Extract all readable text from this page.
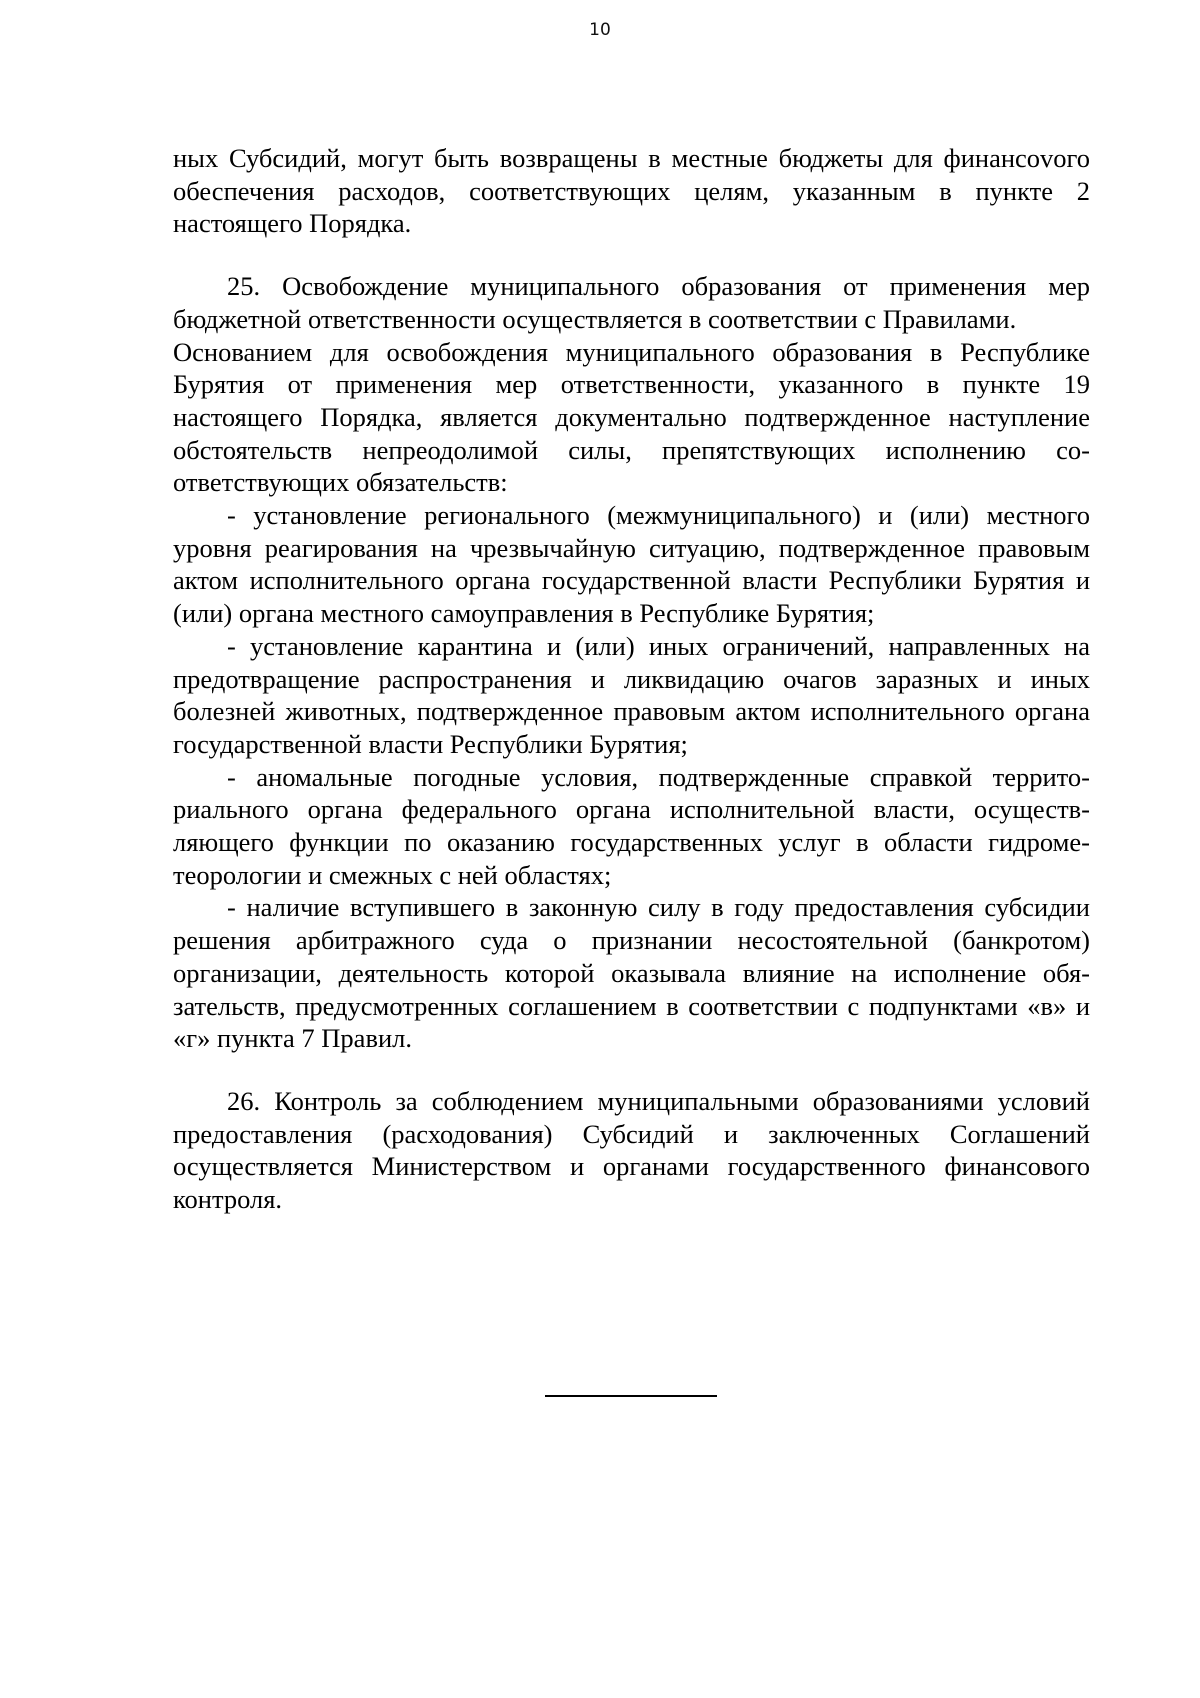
10

ных Субсидий, могут быть возвращены в местные бюджеты для финансоvого обеспечения расходов, соответствующих целям, указанным в пункте 2 настоящего Порядка.

25. Освобождение муниципального образования от применения мер бюджетной ответственности осуществляется в соответствии с Правилами.

Основанием для освобождения муниципального образования в Республике Бурятия от применения мер ответственности, указанного в пункте 19 настоящего Порядка, является документально подтвержденное наступление обстоятельств непреодолимой силы, препятствующих исполнению соответствующих обязательств:

- установление регионального (межмуниципального) и (или) местного уровня реагирования на чрезвычайную ситуацию, подтвержденное правовым актом исполнительного органа государственной власти Республики Бурятия и (или) органа местного самоуправления в Республике Бурятия;

- установление карантина и (или) иных ограничений, направленных на предотвращение распространения и ликвидацию очагов заразных и иных болезней животных, подтвержденное правовым актом исполнительного органа государственной власти Республики Бурятия;

- аномальные погодные условия, подтвержденные справкой территориального органа федерального органа исполнительной власти, осуществляющего функции по оказанию государственных услуг в области гидрометеорологии и смежных с ней областях;

- наличие вступившего в законную силу в году предоставления субсидии решения арбитражного суда о признании несостоятельной (банкротом) организации, деятельность которой оказывала влияние на исполнение обязательств, предусмотренных соглашением в соответствии с подпунктами «в» и «г» пункта 7 Правил.

26. Контроль за соблюдением муниципальными образованиями условий предоставления (расходования) Субсидий и заключенных Соглашений осуществляется Министерством и органами государственного финансового контроля.
